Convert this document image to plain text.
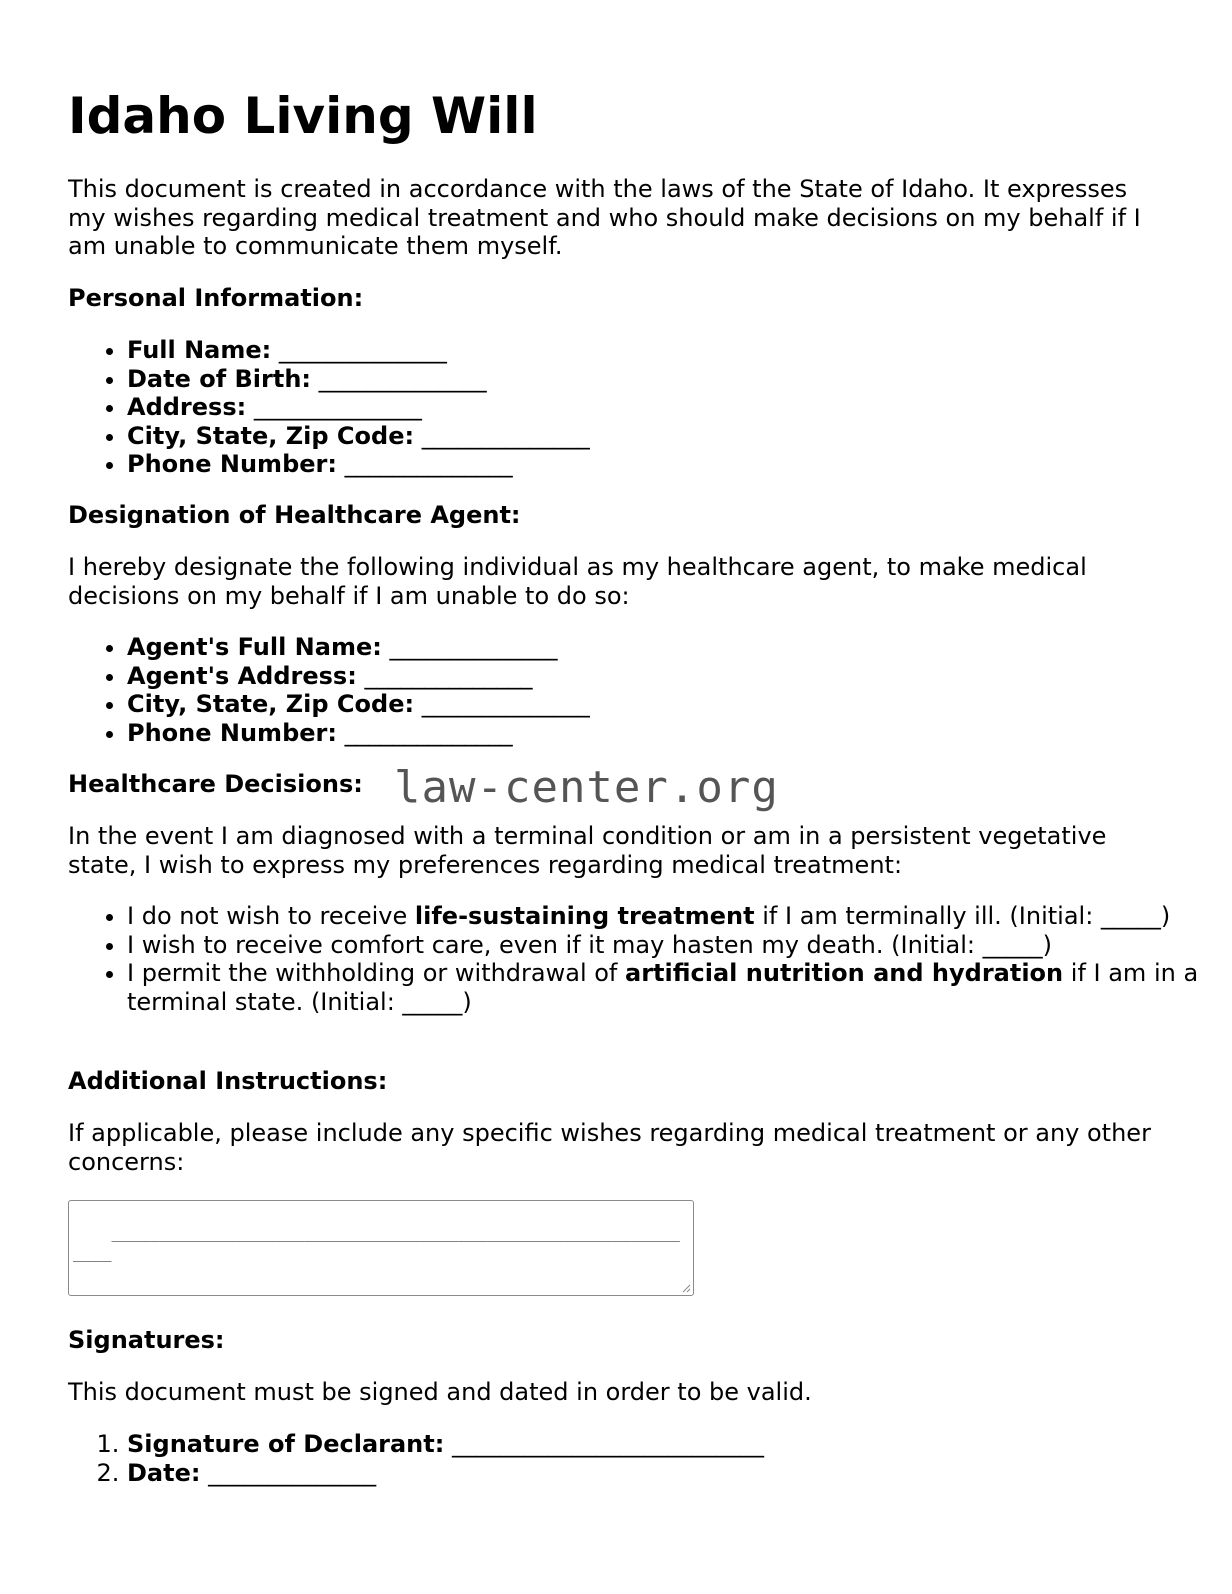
Idaho Living Will

This document is created in accordance with the laws of the State of Idaho. It expresses my wishes regarding medical treatment and who should make decisions on my behalf if I am unable to communicate them myself.

Personal Information:

• Full Name: ______________
• Date of Birth: ______________
• Address: ______________
• City, State, Zip Code: ______________
• Phone Number: ______________

Designation of Healthcare Agent:

I hereby designate the following individual as my healthcare agent, to make medical decisions on my behalf if I am unable to do so:

• Agent's Full Name: ______________
• Agent's Address: ______________
• City, State, Zip Code: ______________
• Phone Number: ______________

Healthcare Decisions: law-center.org

In the event I am diagnosed with a terminal condition or am in a persistent vegetative state, I wish to express my preferences regarding medical treatment:

• I do not wish to receive life-sustaining treatment if I am terminally ill. (Initial: _____)
• I wish to receive comfort care, even if it may hasten my death. (Initial: _____)
• I permit the withholding or withdrawal of artificial nutrition and hydration if I am in a terminal state. (Initial: _____)

Additional Instructions:

If applicable, please include any specific wishes regarding medical treatment or any other concerns:

_______________________________________________________________

Signatures:

This document must be signed and dated in order to be valid.

1. Signature of Declarant: __________________________
2. Date: ______________
